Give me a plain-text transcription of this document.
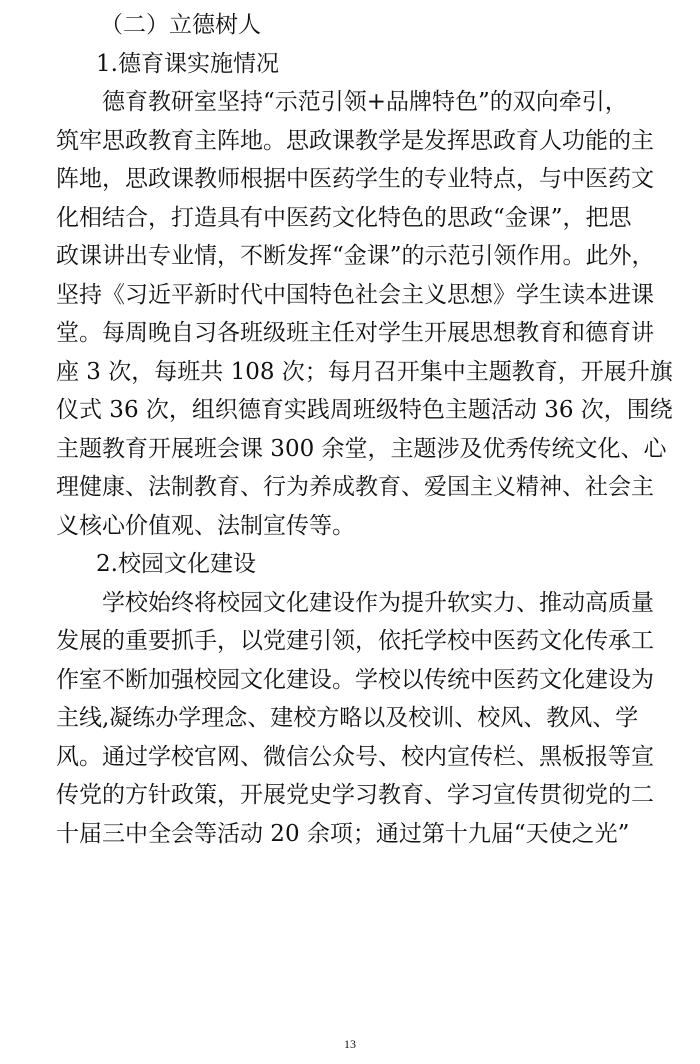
（二）立德树人
1.德育课实施情况
德育教研室坚持“示范引领+品牌特色”的双向牵引，
筑牢思政教育主阵地。思政课教学是发挥思政育人功能的主
阵地，思政课教师根据中医药学生的专业特点，与中医药文
化相结合，打造具有中医药文化特色的思政“金课”，把思
政课讲出专业情，不断发挥“金课”的示范引领作用。此外，
坚持《习近平新时代中国特色社会主义思想》学生读本进课
堂。每周晚自习各班级班主任对学生开展思想教育和德育讲
座 3 次，每班共 108 次；每月召开集中主题教育，开展升旗
仪式 36 次，组织德育实践周班级特色主题活动 36 次，围绕
主题教育开展班会课 300 余堂，主题涉及优秀传统文化、心
理健康、法制教育、行为养成教育、爱国主义精神、社会主
义核心价值观、法制宣传等。
2.校园文化建设
学校始终将校园文化建设作为提升软实力、推动高质量
发展的重要抓手，以党建引领，依托学校中医药文化传承工
作室不断加强校园文化建设。学校以传统中医药文化建设为
主线,凝练办学理念、建校方略以及校训、校风、教风、学
风。通过学校官网、微信公众号、校内宣传栏、黑板报等宣
传党的方针政策，开展党史学习教育、学习宣传贯彻党的二
十届三中全会等活动 20 余项；通过第十九届“天使之光”
13
